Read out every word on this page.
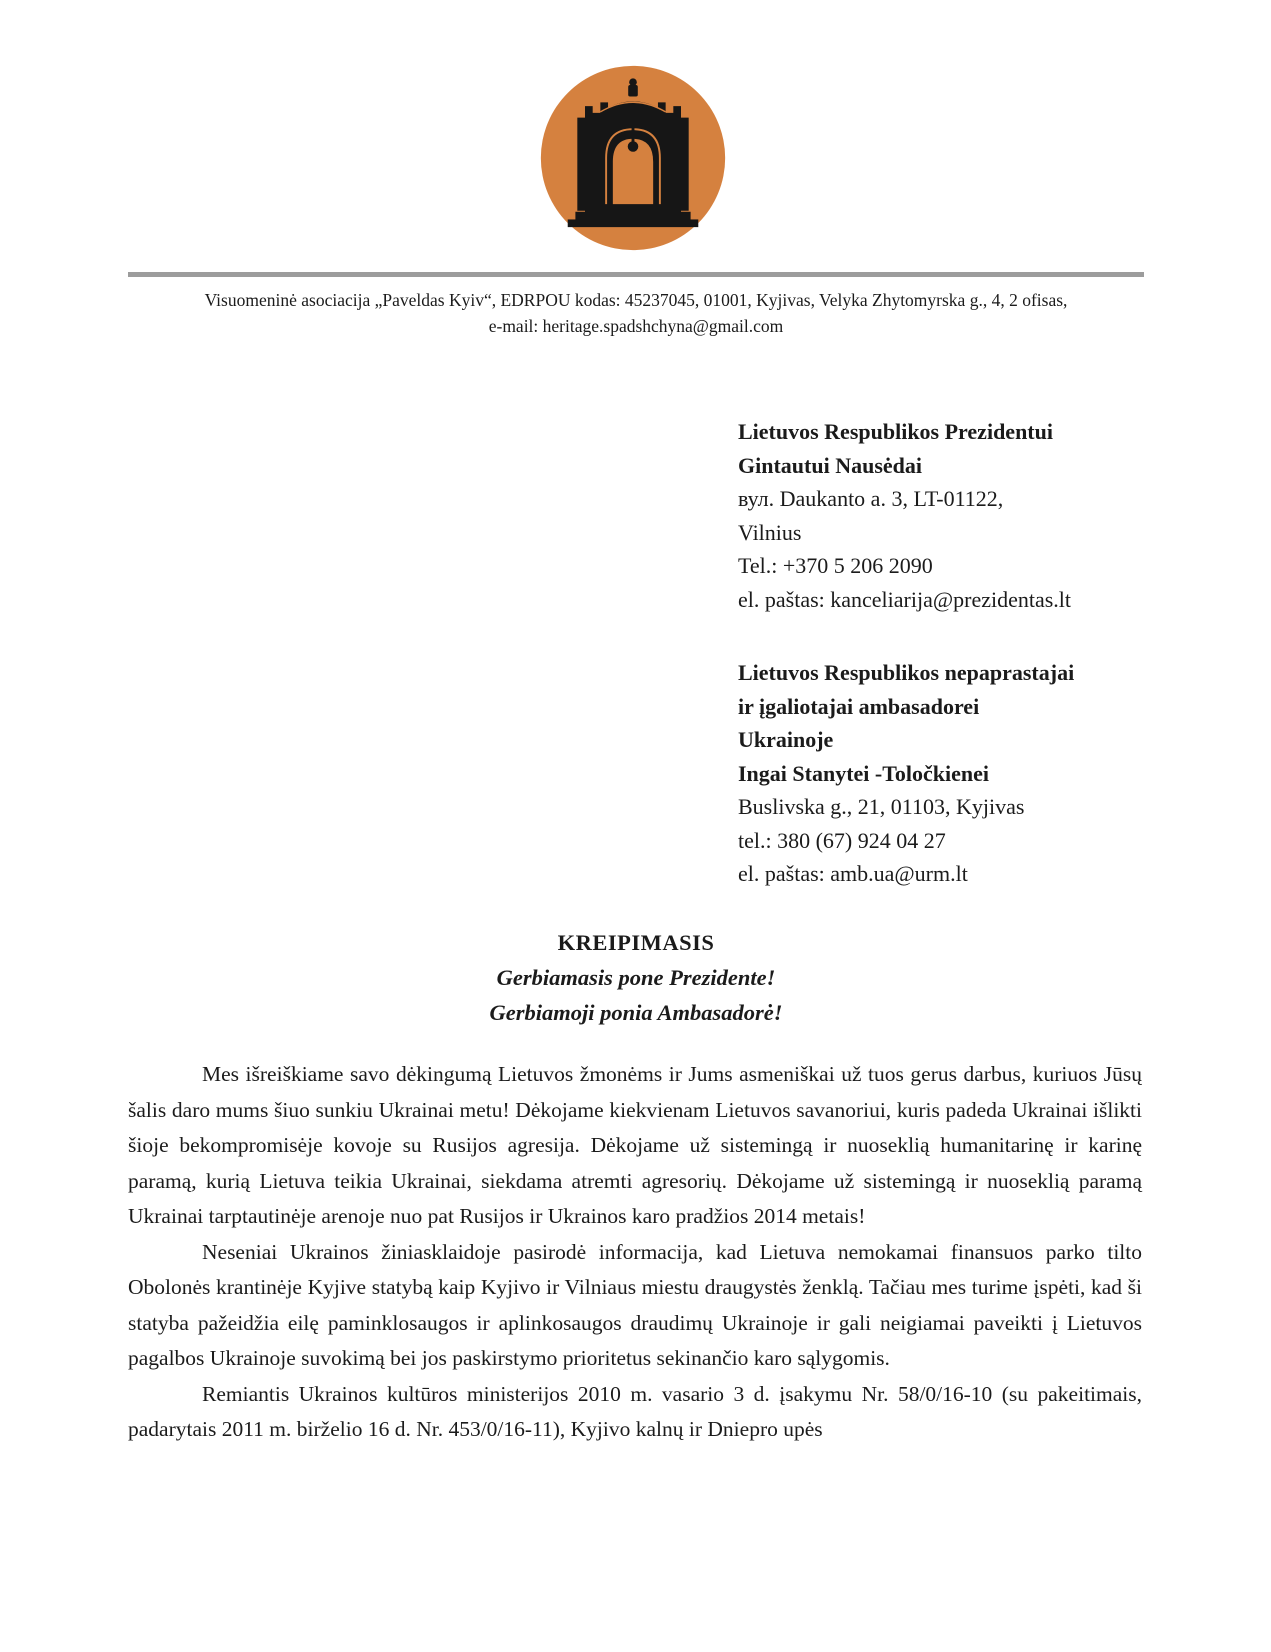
Visuomeninė asociacija „Paveldas Kyiv“, EDRPOU kodas: 45237045, 01001, Kyjivas, Velyka Zhytomyrska g., 4, 2 ofisas,
e-mail: heritage.spadshchyna@gmail.com
Lietuvos Respublikos Prezidentui
Gintautui Nausėdai
вул. Daukanto a. 3, LT-01122,
Vilnius
Tel.: +370 5 206 2090
el. paštas: kanceliarija@prezidentas.lt
Lietuvos Respublikos nepaprastajai
ir įgaliotajai ambasadorei
Ukrainoje
Ingai Stanytei -Toločkienei
Buslivska g., 21, 01103, Kyjivas
tel.: 380 (67) 924 04 27
el. paštas: amb.ua@urm.lt
KREIPIMASIS
Gerbiamasis pone Prezidente!
Gerbiamoji ponia Ambasadorė!

Mes išreiškiame savo dėkingumą Lietuvos žmonėms ir Jums asmeniškai už tuos gerus darbus, kuriuos Jūsų šalis daro mums šiuo sunkiu Ukrainai metu! Dėkojame kiekvienam Lietuvos savanoriui, kuris padeda Ukrainai išlikti šioje bekompromisėje kovoje su Rusijos agresija. Dėkojame už sistemingą ir nuoseklią humanitarinę ir karinę paramą, kurią Lietuva teikia Ukrainai, siekdama atremti agresorių. Dėkojame už sistemingą ir nuoseklią paramą Ukrainai tarptautinėje arenoje nuo pat Rusijos ir Ukrainos karo pradžios 2014 metais!

Neseniai Ukrainos žiniasklaidoje pasirodė informacija, kad Lietuva nemokamai finansuos parko tilto Obolonės krantinėje Kyjive statybą kaip Kyjivo ir Vilniaus miestu draugystės ženklą. Tačiau mes turime įspėti, kad ši statyba pažeidžia eilę paminklosaugos ir aplinkosaugos draudimų Ukrainoje ir gali neigiamai paveikti į Lietuvos pagalbos Ukrainoje suvokimą bei jos paskirstymo prioritetus sekinančio karo sąlygomis.

Remiantis Ukrainos kultūros ministerijos 2010 m. vasario 3 d. įsakymu Nr. 58/0/16-10 (su pakeitimais, padarytais 2011 m. birželio 16 d. Nr. 453/0/16-11), Kyjivo kalnų ir Dniepro upės
